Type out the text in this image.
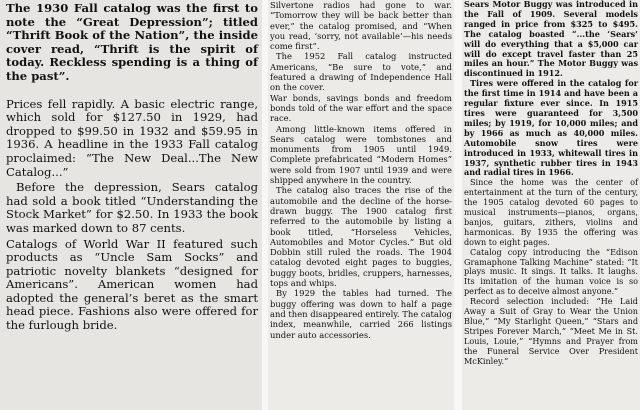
The 1930 Fall catalog was the first to note the “Great Depression”; titled “Thrift Book of the Nation”, the inside cover read, “Thrift is the spirit of today. Reckless spending is a thing of the past”.

Prices fell rapidly. A basic electric range, which sold for $127.50 in 1929, had dropped to $99.50 in 1932 and $59.95 in 1936. A headline in the 1933 Fall catalog proclaimed: “The New Deal...The New Catalog...”

Before the depression, Sears catalog had sold a book titled “Understanding the Stock Market” for $2.50. In 1933 the book was marked down to 87 cents.

Catalogs of World War II featured such products as “Uncle Sam Socks” and patriotic novelty blankets “designed for Americans”. American women had adopted the general’s beret as the smart head piece. Fashions also were offered for the furlough bride.

Silvertone radios had gone to war. “Tomorrow they will be back better than ever,” the catalog promised, and “When you read, ‘sorry, not available’—his needs come first”.

The 1952 Fall catalog instructed Americans, “Be sure to vote,” and featured a drawing of Independence Hall on the cover.

War bonds, savings bonds and freedom bonds told of the war effort and the space race.

Among little-known items offered in Sears catalog were tombstones and monuments from 1905 until 1949. Complete prefabricated “Modern Homes” were sold from 1907 until 1939 and were shipped anywhere in the country.

The catalog also traces the rise of the automobile and the decline of the horse-drawn buggy. The 1900 catalog first referred to the automobile by listing a book titled, “Horseless Vehicles, Automobiles and Motor Cycles.” But old Dobbin still ruled the roads. The 1904 catalog devoted eight pages to buggies, buggy boots, bridles, cruppers, harnesses, tops and whips.

By 1929 the tables had turned. The buggy offering was down to half a page and then disappeared entirely. The catalog index, meanwhile, carried 266 listings under auto accessories.

Sears Motor Buggy was introduced in the Fall of 1909. Several models ranged in price from $325 to $495. The catalog boasted “...the ‘Sears’ will do everything that a $5,000 car will do except travel faster than 25 miles an hour.” The Motor Buggy was discontinued in 1912.

Tires were offered in the catalog for the first time in 1914 and have been a regular fixture ever since. In 1915 tires were guaranteed for 3,500 miles; by 1919, for 10,000 miles; and by 1966 as much as 40,000 miles. Automobile snow tires were introduced in 1933, whitewall tires in 1937, synthetic rubber tires in 1943 and radial tires in 1966.

Since the home was the center of entertainment at the turn of the century, the 1905 catalog devoted 60 pages to musical instruments—pianos, organs, banjos, guitars, zithers, violins and harmonicas. By 1935 the offering was down to eight pages.

Catalog copy introducing the “Edison Gramaphone Talking Machine” stated: “It plays music. It sings. It talks. It laughs. Its imitation of the human voice is so perfect as to deceive almost anyone.”

Record selection included: “He Laid Away a Suit of Gray to Wear the Union Blue,” “My Starlight Queen,” “Stars and Stripes Forever March,” “Meet Me in St. Louis, Louie,” “Hymns and Prayer from the Funeral Service Over President McKinley.”
